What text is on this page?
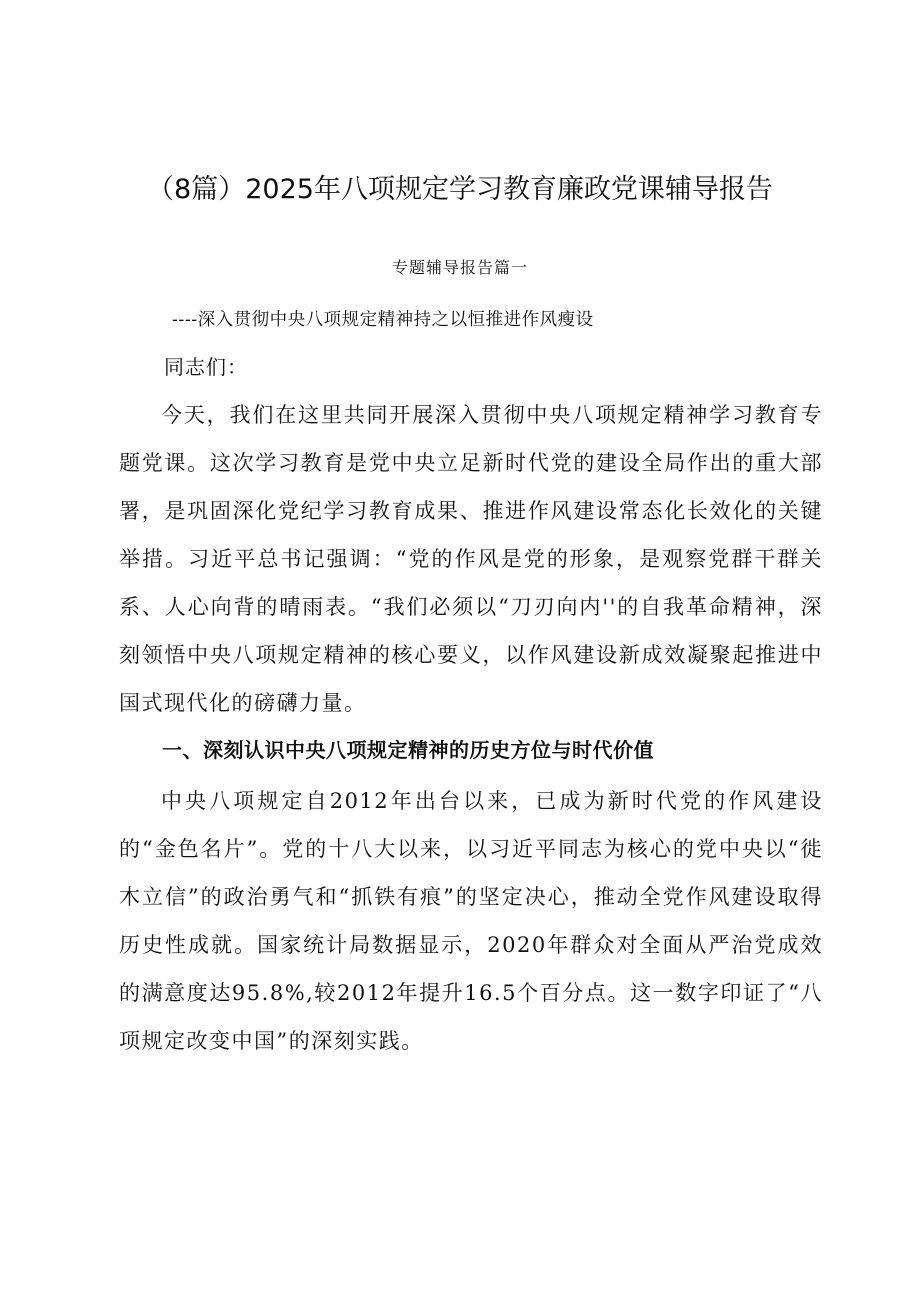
（8篇）2025年八项规定学习教育廉政党课辅导报告
专题辅导报告篇一
----深入贯彻中央八项规定精神持之以恒推进作风瘦设
同志们：

今天，我们在这里共同开展深入贯彻中央八项规定精神学习教育专题党课。这次学习教育是党中央立足新时代党的建设全局作出的重大部署，是巩固深化党纪学习教育成果、推进作风建设常态化长效化的关键举措。习近平总书记强调：“党的作风是党的形象，是观察党群干群关系、人心向背的晴雨表。“我们必须以“刀刃向内''的自我革命精神，深刻领悟中央八项规定精神的核心要义，以作风建设新成效凝聚起推进中国式现代化的磅礴力量。

一、深刻认识中央八项规定精神的历史方位与时代价值

中央八项规定自2012年出台以来，已成为新时代党的作风建设的“金色名片”。党的十八大以来，以习近平同志为核心的党中央以“徙木立信”的政治勇气和“抓铁有痕”的坚定决心，推动全党作风建设取得历史性成就。国家统计局数据显示，2020年群众对全面从严治党成效的满意度达95.8%,较2012年提升16.5个百分点。这一数字印证了“八项规定改变中国”的深刻实践。
